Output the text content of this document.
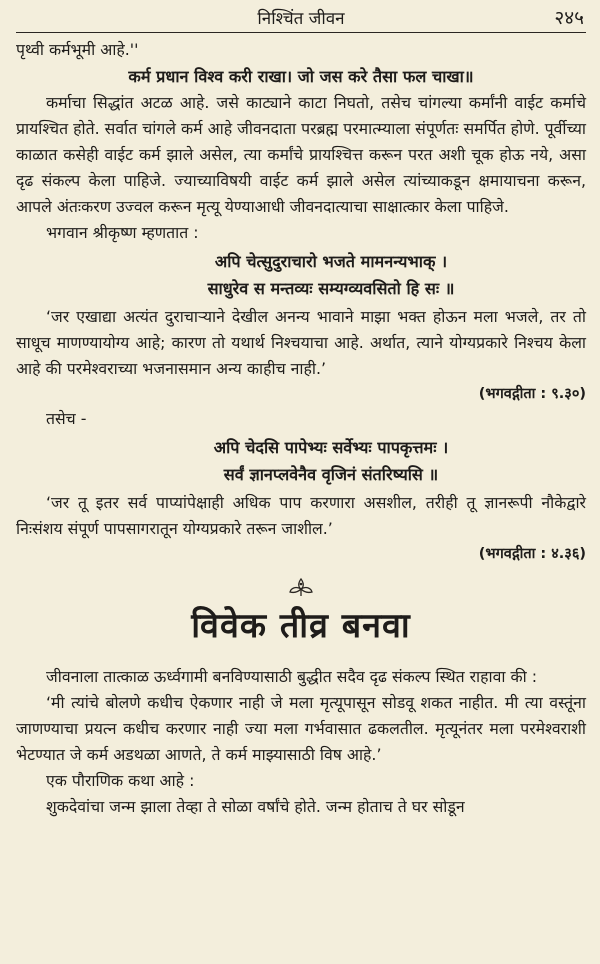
निश्चिंत जीवन	२४५

पृथ्वी कर्मभूमी आहे.''

कर्म प्रधान विश्व करी राखा। जो जस करे तैसा फल चाखा॥

कर्माचा सिद्धांत अटळ आहे. जसे काट्याने काटा निघतो, तसेच चांगल्या कर्मांनी वाईट कर्माचे प्रायश्चित होते. सर्वात चांगले कर्म आहे जीवनदाता परब्रह्म परमात्म्याला संपूर्णतः समर्पित होणे. पूर्वीच्या काळात कसेही वाईट कर्म झाले असेल, त्या कर्मांचे प्रायश्चित्त करून परत अशी चूक होऊ नये, असा दृढ संकल्प केला पाहिजे. ज्याच्याविषयी वाईट कर्म झाले असेल त्यांच्याकडून क्षमायाचना करून, आपले अंतःकरण उज्वल करून मृत्यू येण्याआधी जीवनदात्याचा साक्षात्कार केला पाहिजे.

भगवान श्रीकृष्ण म्हणतात :

अपि चेत्सुदुराचारो भजते मामनन्यभाक् ।

साधुरेव स मन्तव्यः सम्यग्व्यवसितो हि सः ॥

‘जर एखाद्या अत्यंत दुराचाऱ्याने देखील अनन्य भावाने माझा भक्त होऊन मला भजले, तर तो साधूच माणण्यायोग्य आहे; कारण तो यथार्थ निश्चयाचा आहे. अर्थात, त्याने योग्यप्रकारे निश्चय केला आहे की परमेश्वराच्या भजनासमान अन्य काहीच नाही.’

(भगवद्गीता : ९.३०)

तसेच -

अपि चेदसि पापेभ्यः सर्वेभ्यः पापकृत्तमः ।

सर्वं ज्ञानप्लवेनैव वृजिनं संतरिष्यसि ॥

‘जर तू इतर सर्व पाप्यांपेक्षाही अधिक पाप करणारा असशील, तरीही तू ज्ञानरूपी नौकेद्वारे निःसंशय संपूर्ण पापसागरातून योग्यप्रकारे तरून जाशील.’

(भगवद्गीता : ४.३६)

विवेक तीव्र बनवा

जीवनाला तात्काळ ऊर्ध्वगामी बनविण्यासाठी बुद्धीत सदैव दृढ संकल्प स्थित राहावा की :

‘मी त्यांचे बोलणे कधीच ऐकणार नाही जे मला मृत्यूपासून सोडवू शकत नाहीत. मी त्या वस्तूंना जाणण्याचा प्रयत्न कधीच करणार नाही ज्या मला गर्भवासात ढकलतील. मृत्यूनंतर मला परमेश्वराशी भेटण्यात जे कर्म अडथळा आणते, ते कर्म माझ्यासाठी विष आहे.’

एक पौराणिक कथा आहे :

शुकदेवांचा जन्म झाला तेव्हा ते सोळा वर्षांचे होते. जन्म होताच ते घर सोडून
